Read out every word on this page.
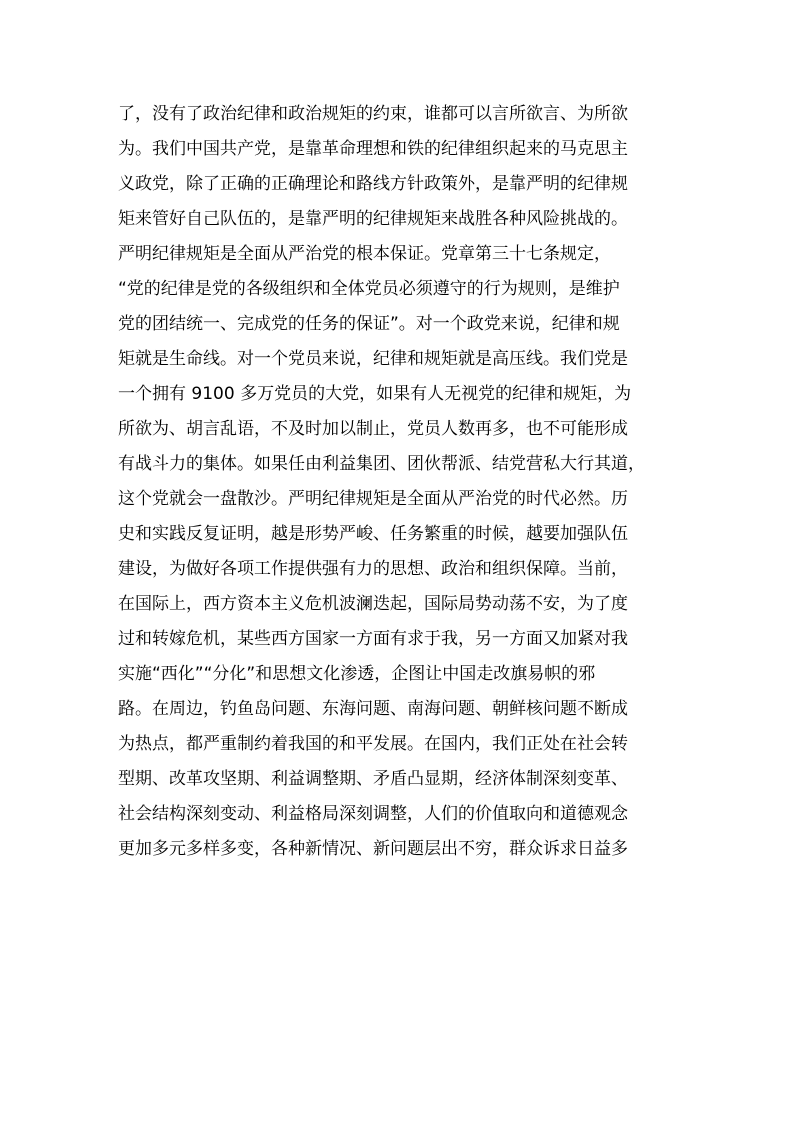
了，没有了政治纪律和政治规矩的约束，谁都可以言所欲言、为所欲
为。我们中国共产党，是靠革命理想和铁的纪律组织起来的马克思主
义政党，除了正确的正确理论和路线方针政策外，是靠严明的纪律规
矩来管好自己队伍的，是靠严明的纪律规矩来战胜各种风险挑战的。
严明纪律规矩是全面从严治党的根本保证。党章第三十七条规定，
“党的纪律是党的各级组织和全体党员必须遵守的行为规则，是维护
党的团结统一、完成党的任务的保证”。对一个政党来说，纪律和规
矩就是生命线。对一个党员来说，纪律和规矩就是高压线。我们党是
一个拥有 9100 多万党员的大党，如果有人无视党的纪律和规矩，为
所欲为、胡言乱语，不及时加以制止，党员人数再多，也不可能形成
有战斗力的集体。如果任由利益集团、团伙帮派、结党营私大行其道，
这个党就会一盘散沙。严明纪律规矩是全面从严治党的时代必然。历
史和实践反复证明，越是形势严峻、任务繁重的时候，越要加强队伍
建设，为做好各项工作提供强有力的思想、政治和组织保障。当前，
在国际上，西方资本主义危机波澜迭起，国际局势动荡不安，为了度
过和转嫁危机，某些西方国家一方面有求于我，另一方面又加紧对我
实施“西化”“分化”和思想文化渗透，企图让中国走改旗易帜的邪
路。在周边，钓鱼岛问题、东海问题、南海问题、朝鲜核问题不断成
为热点，都严重制约着我国的和平发展。在国内，我们正处在社会转
型期、改革攻坚期、利益调整期、矛盾凸显期，经济体制深刻变革、
社会结构深刻变动、利益格局深刻调整，人们的价值取向和道德观念
更加多元多样多变，各种新情况、新问题层出不穷，群众诉求日益多
